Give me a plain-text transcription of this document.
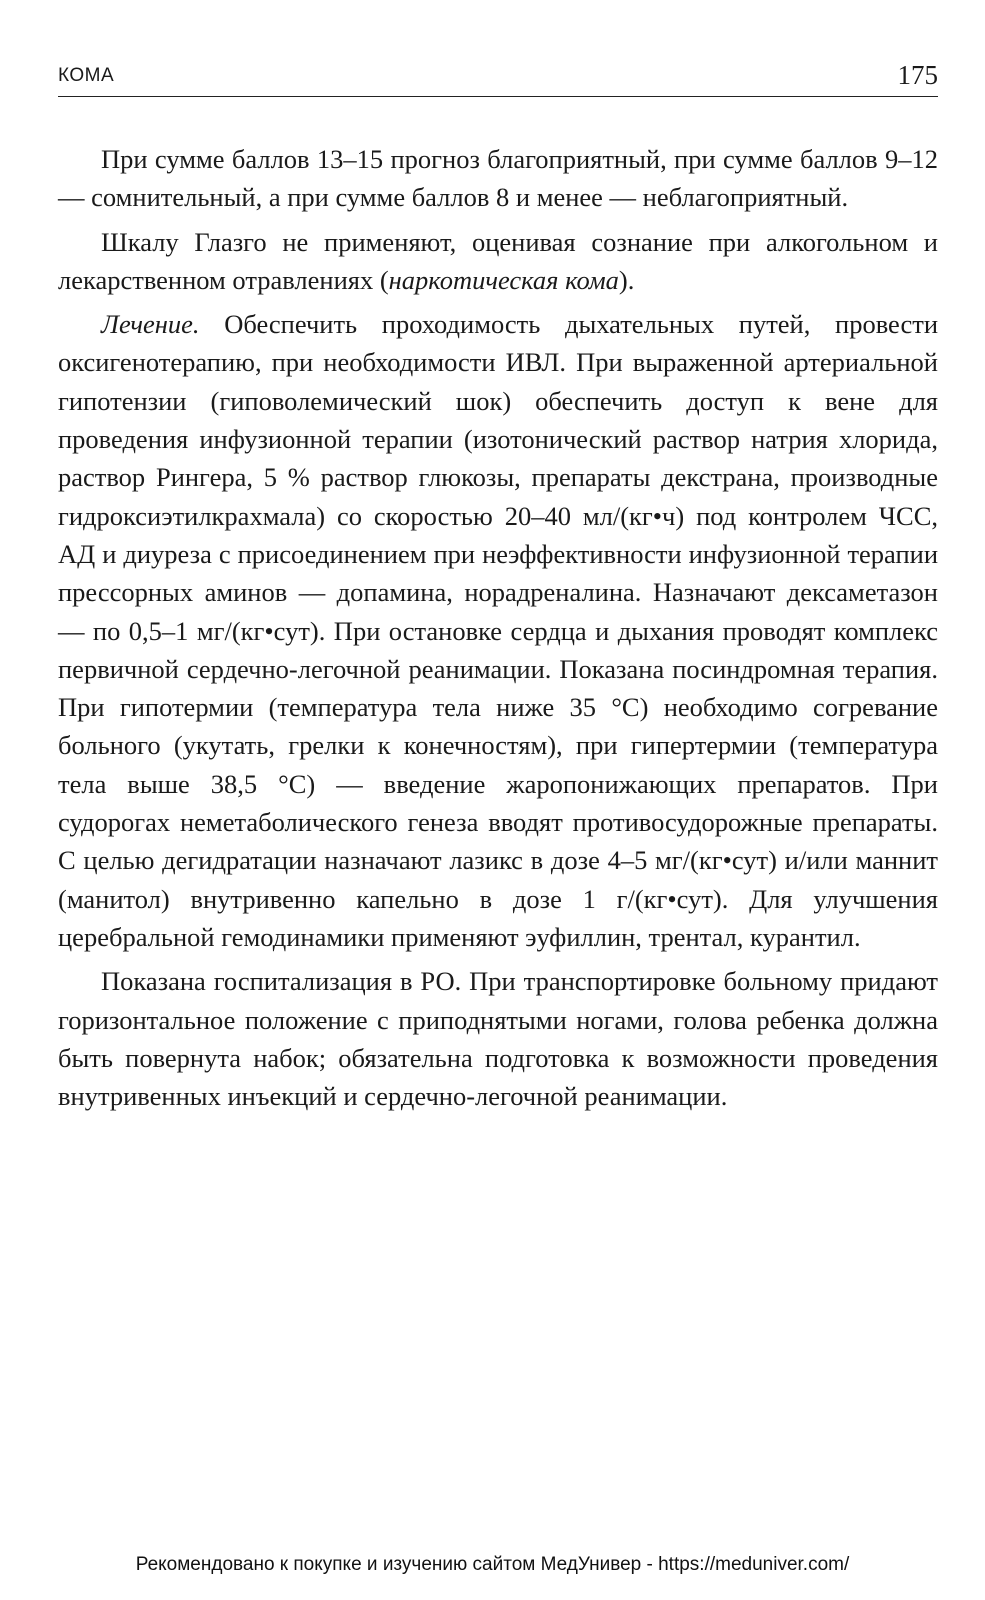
КОМА	175

При сумме баллов 13–15 прогноз благоприятный, при сумме баллов 9–12 — сомнительный, а при сумме баллов 8 и менее — неблагоприятный.

Шкалу Глазго не применяют, оценивая сознание при алкогольном и лекарственном отравлениях (наркотическая кома).

Лечение. Обеспечить проходимость дыхательных путей, провести оксигенотерапию, при необходимости ИВЛ. При выраженной артериальной гипотензии (гиповолемический шок) обеспечить доступ к вене для проведения инфузионной терапии (изотонический раствор натрия хлорида, раствор Рингера, 5 % раствор глюкозы, препараты декстрана, производные гидроксиэтилкрахмала) со скоростью 20–40 мл/(кг•ч) под контролем ЧСС, АД и диуреза с присоединением при неэффективности инфузионной терапии прессорных аминов — допамина, норадреналина. Назначают дексаметазон — по 0,5–1 мг/(кг•сут). При остановке сердца и дыхания проводят комплекс первичной сердечно-легочной реанимации. Показана посиндромная терапия. При гипотермии (температура тела ниже 35 °С) необходимо согревание больного (укутать, грелки к конечностям), при гипертермии (температура тела выше 38,5 °С) — введение жаропонижающих препаратов. При судорогах неметаболического генеза вводят противосудорожные препараты. С целью дегидратации назначают лазикс в дозе 4–5 мг/(кг•сут) и/или маннит (манитол) внутривенно капельно в дозе 1 г/(кг•сут). Для улучшения церебральной гемодинамики применяют эуфиллин, трентал, курантил.

Показана госпитализация в РО. При транспортировке больному придают горизонтальное положение с приподнятыми ногами, голова ребенка должна быть повернута набок; обязательна подготовка к возможности проведения внутривенных инъекций и сердечно-легочной реанимации.

Рекомендовано к покупке и изучению сайтом МедУнивер - https://meduniver.com/
